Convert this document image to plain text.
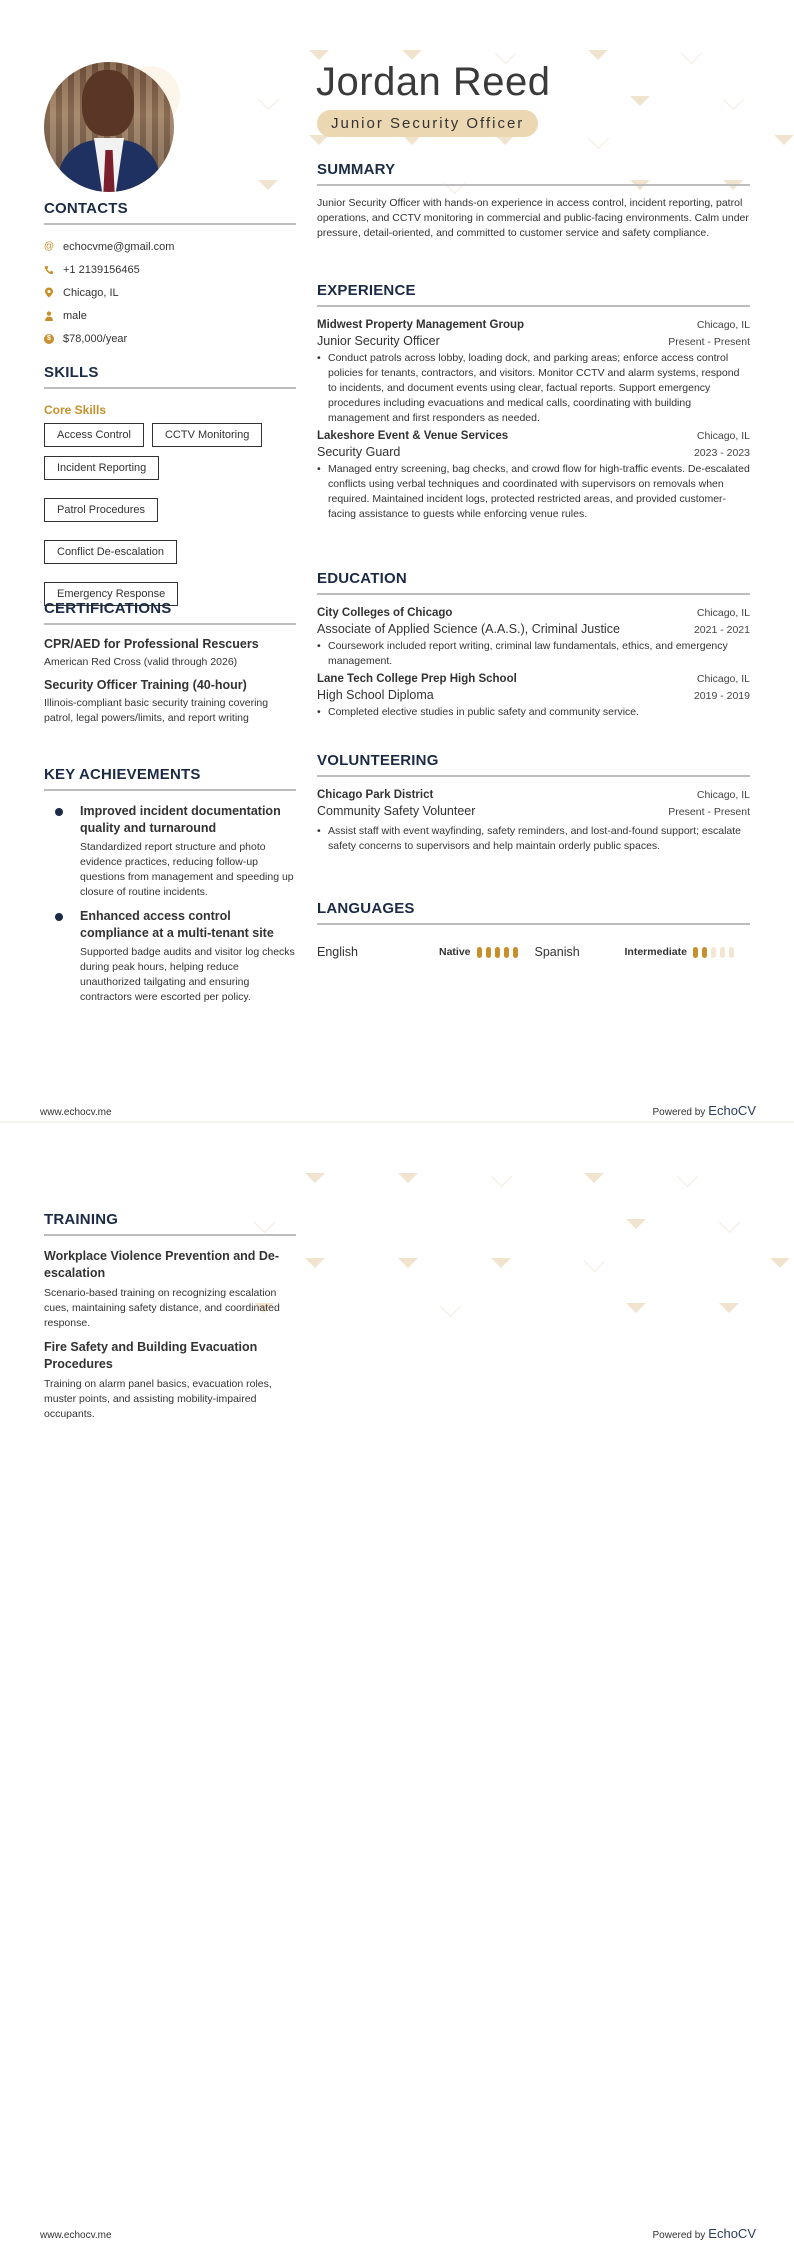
Jordan Reed
Junior Security Officer
CONTACTS
@ echocvme@gmail.com
+1 2139156465
Chicago, IL
male
$ $78,000/year
SKILLS
Core Skills
Access Control	CCTV Monitoring
Incident Reporting
Patrol Procedures
Conflict De-escalation
Emergency Response
CERTIFICATIONS
CPR/AED for Professional Rescuers
American Red Cross (valid through 2026)
Security Officer Training (40-hour)
Illinois-compliant basic security training covering patrol, legal powers/limits, and report writing
KEY ACHIEVEMENTS
Improved incident documentation quality and turnaround
Standardized report structure and photo evidence practices, reducing follow-up questions from management and speeding up closure of routine incidents.
Enhanced access control compliance at a multi-tenant site
Supported badge audits and visitor log checks during peak hours, helping reduce unauthorized tailgating and ensuring contractors were escorted per policy.
SUMMARY

Junior Security Officer with hands-on experience in access control, incident reporting, patrol operations, and CCTV monitoring in commercial and public-facing environments. Calm under pressure, detail-oriented, and committed to customer service and safety compliance.

EXPERIENCE
Midwest Property Management Group	Chicago, IL
Junior Security Officer	Present - Present
• Conduct patrols across lobby, loading dock, and parking areas; enforce access control policies for tenants, contractors, and visitors. Monitor CCTV and alarm systems, respond to incidents, and document events using clear, factual reports. Support emergency procedures including evacuations and medical calls, coordinating with building management and first responders as needed.
Lakeshore Event & Venue Services	Chicago, IL
Security Guard	2023 - 2023
• Managed entry screening, bag checks, and crowd flow for high-traffic events. De-escalated conflicts using verbal techniques and coordinated with supervisors on removals when required. Maintained incident logs, protected restricted areas, and provided customer-facing assistance to guests while enforcing venue rules.
EDUCATION
City Colleges of Chicago	Chicago, IL
Associate of Applied Science (A.A.S.), Criminal Justice	2021 - 2021
• Coursework included report writing, criminal law fundamentals, ethics, and emergency management.
Lane Tech College Prep High School	Chicago, IL
High School Diploma	2019 - 2019
• Completed elective studies in public safety and community service.
VOLUNTEERING
Chicago Park District	Chicago, IL
Community Safety Volunteer	Present - Present
• Assist staff with event wayfinding, safety reminders, and lost-and-found support; escalate safety concerns to supervisors and help maintain orderly public spaces.
LANGUAGES
English	Native	Spanish	Intermediate
www.echocv.me	Powered by EchoCV
TRAINING
Workplace Violence Prevention and De-escalation
Scenario-based training on recognizing escalation cues, maintaining safety distance, and coordinated response.
Fire Safety and Building Evacuation Procedures
Training on alarm panel basics, evacuation roles, muster points, and assisting mobility-impaired occupants.
www.echocv.me	Powered by EchoCV
